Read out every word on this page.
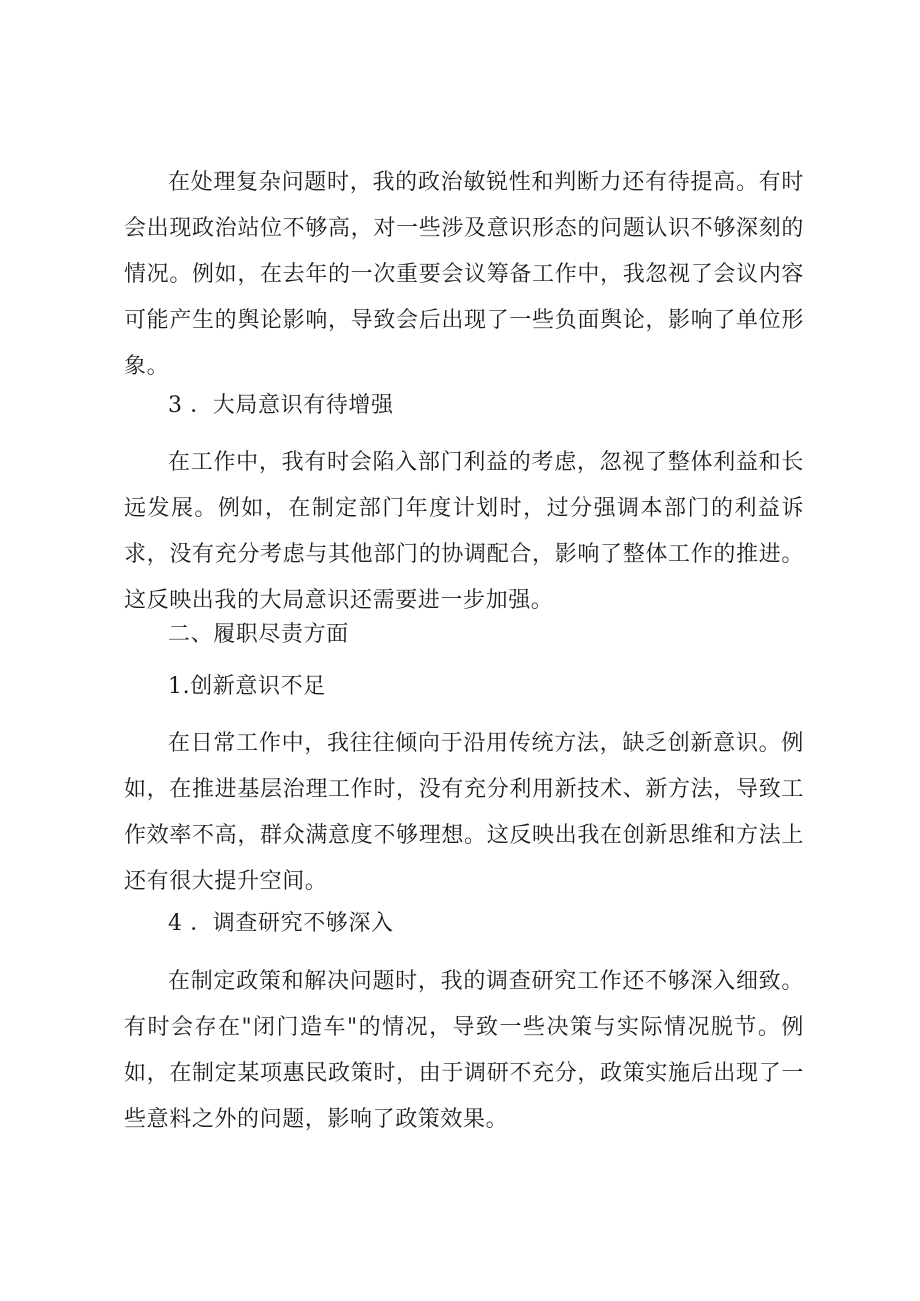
在处理复杂问题时，我的政治敏锐性和判断力还有待提高。有时会出现政治站位不够高，对一些涉及意识形态的问题认识不够深刻的情况。例如，在去年的一次重要会议筹备工作中，我忽视了会议内容可能产生的舆论影响，导致会后出现了一些负面舆论，影响了单位形象。

3 ．大局意识有待增强

在工作中，我有时会陷入部门利益的考虑，忽视了整体利益和长远发展。例如，在制定部门年度计划时，过分强调本部门的利益诉求，没有充分考虑与其他部门的协调配合，影响了整体工作的推进。这反映出我的大局意识还需要进一步加强。

二、履职尽责方面

1.创新意识不足

在日常工作中，我往往倾向于沿用传统方法，缺乏创新意识。例如，在推进基层治理工作时，没有充分利用新技术、新方法，导致工作效率不高，群众满意度不够理想。这反映出我在创新思维和方法上还有很大提升空间。

4 ．调查研究不够深入

在制定政策和解决问题时，我的调查研究工作还不够深入细致。有时会存在"闭门造车"的情况，导致一些决策与实际情况脱节。例如，在制定某项惠民政策时，由于调研不充分，政策实施后出现了一些意料之外的问题，影响了政策效果。
